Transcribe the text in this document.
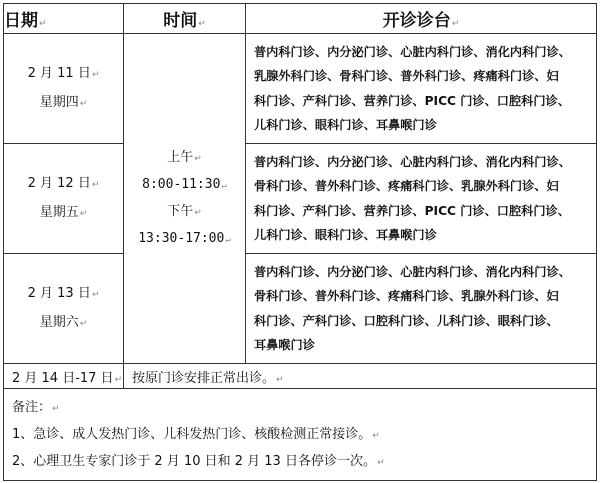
日期↵	时间↵	开诊诊台↵

2 月 11 日↵
星期四↵	上午↵
8:00-11:30↵
下午↵
13:30-17:00↵	普内科门诊、内分泌门诊、心脏内科门诊、消化内科门诊、
乳腺外科门诊、骨科门诊、普外科门诊、疼痛科门诊、妇
科门诊、产科门诊、营养门诊、PICC 门诊、口腔科门诊、
儿科门诊、眼科门诊、耳鼻喉门诊

2 月 12 日↵
星期五↵		普内科门诊、内分泌门诊、心脏内科门诊、消化内科门诊、
骨科门诊、普外科门诊、疼痛科门诊、乳腺外科门诊、妇
科门诊、产科门诊、营养门诊、PICC 门诊、口腔科门诊、
儿科门诊、眼科门诊、耳鼻喉门诊

2 月 13 日↵
星期六↵		普内科门诊、内分泌门诊、心脏内科门诊、消化内科门诊、
骨科门诊、普外科门诊、疼痛科门诊、乳腺外科门诊、妇
科门诊、产科门诊、口腔科门诊、儿科门诊、眼科门诊、
耳鼻喉门诊

2 月 14 日-17 日↵	按原门诊安排正常出诊。↵	

备注：↵
1、急诊、成人发热门诊、儿科发热门诊、核酸检测正常接诊。↵
2、心理卫生专家门诊于 2 月 10 日和 2 月 13 日各停诊一次。↵		
